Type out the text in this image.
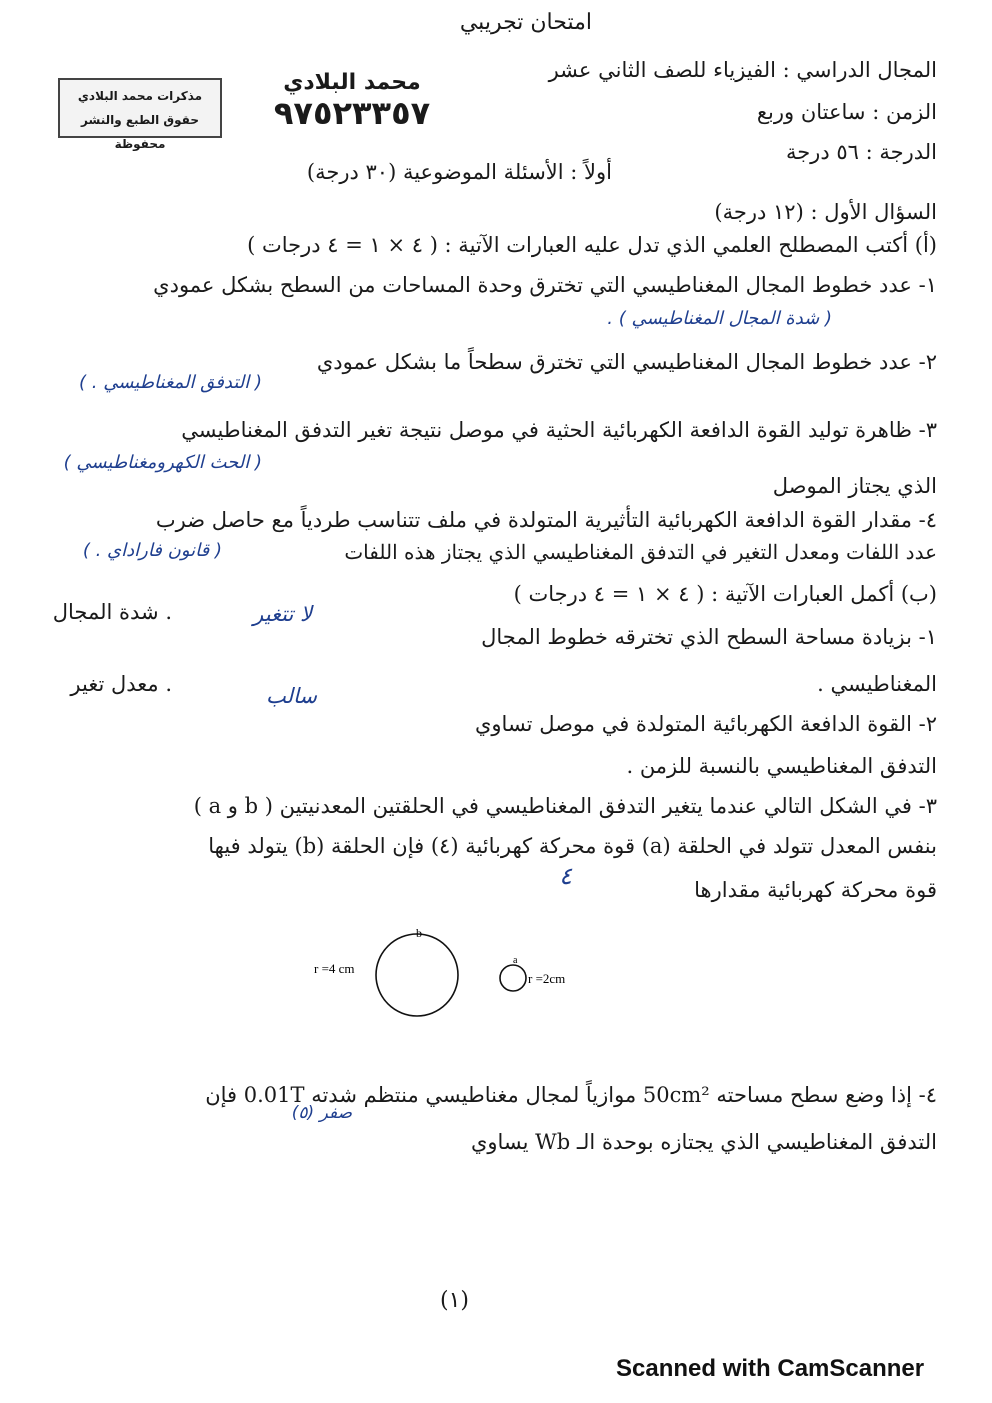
امتحان تجريبي
المجال الدراسي : الفيزياء للصف الثاني عشر
الزمن : ساعتان وربع
الدرجة : ٥٦ درجة
مذكرات محمد البلادي
حقوق الطبع والنشر محفوظة
محمد البلادي
٩٧٥٢٣٣٥٧
أولاً : الأسئلة الموضوعية (٣٠ درجة)
السؤال الأول : (١٢ درجة)
(أ) أكتب المصطلح العلمي الذي تدل عليه العبارات الآتية : ( ٤ × ١ = ٤ درجات )
١- عدد خطوط المجال المغناطيسي التي تخترق وحدة المساحات من السطح بشكل عمودي
( شدة المجال المغناطيسي ) .
٢- عدد خطوط المجال المغناطيسي التي تخترق سطحاً ما بشكل عمودي
( التدفق المغناطيسي . )
٣- ظاهرة توليد القوة الدافعة الكهربائية الحثية في موصل نتيجة تغير التدفق المغناطيسي
( الحث الكهرومغناطيسي )
الذي يجتاز الموصل
٤- مقدار القوة الدافعة الكهربائية التأثيرية المتولدة في ملف تتناسب طردياً مع حاصل ضرب
عدد اللفات ومعدل التغير في التدفق المغناطيسي الذي يجتاز هذه اللفات
( قانون فاراداي . )
(ب) أكمل العبارات الآتية : ( ٤ × ١ = ٤ درجات )
١- بزيادة مساحة السطح الذي تخترقه خطوط المجال
لا تتغير
. شدة المجال
المغناطيسي .
٢- القوة الدافعة الكهربائية المتولدة في موصل تساوي
سالب
. معدل تغير
التدفق المغناطيسي بالنسبة للزمن .
٣- في الشكل التالي عندما يتغير التدفق المغناطيسي في الحلقتين المعدنيتين ( b و a )
بنفس المعدل تتولد في الحلقة (a) قوة محركة كهربائية (٤) فإن الحلقة (b) يتولد فيها
قوة محركة كهربائية مقدارها
٤
b
a
r =4 cm
r =2cm
٤- إذا وضع سطح مساحته 50cm² موازياً لمجال مغناطيسي منتظم شدته 0.01T فإن
التدفق المغناطيسي الذي يجتازه بوحدة الـ Wb يساوي
صفر (٥)
(١)
Scanned with CamScanner
